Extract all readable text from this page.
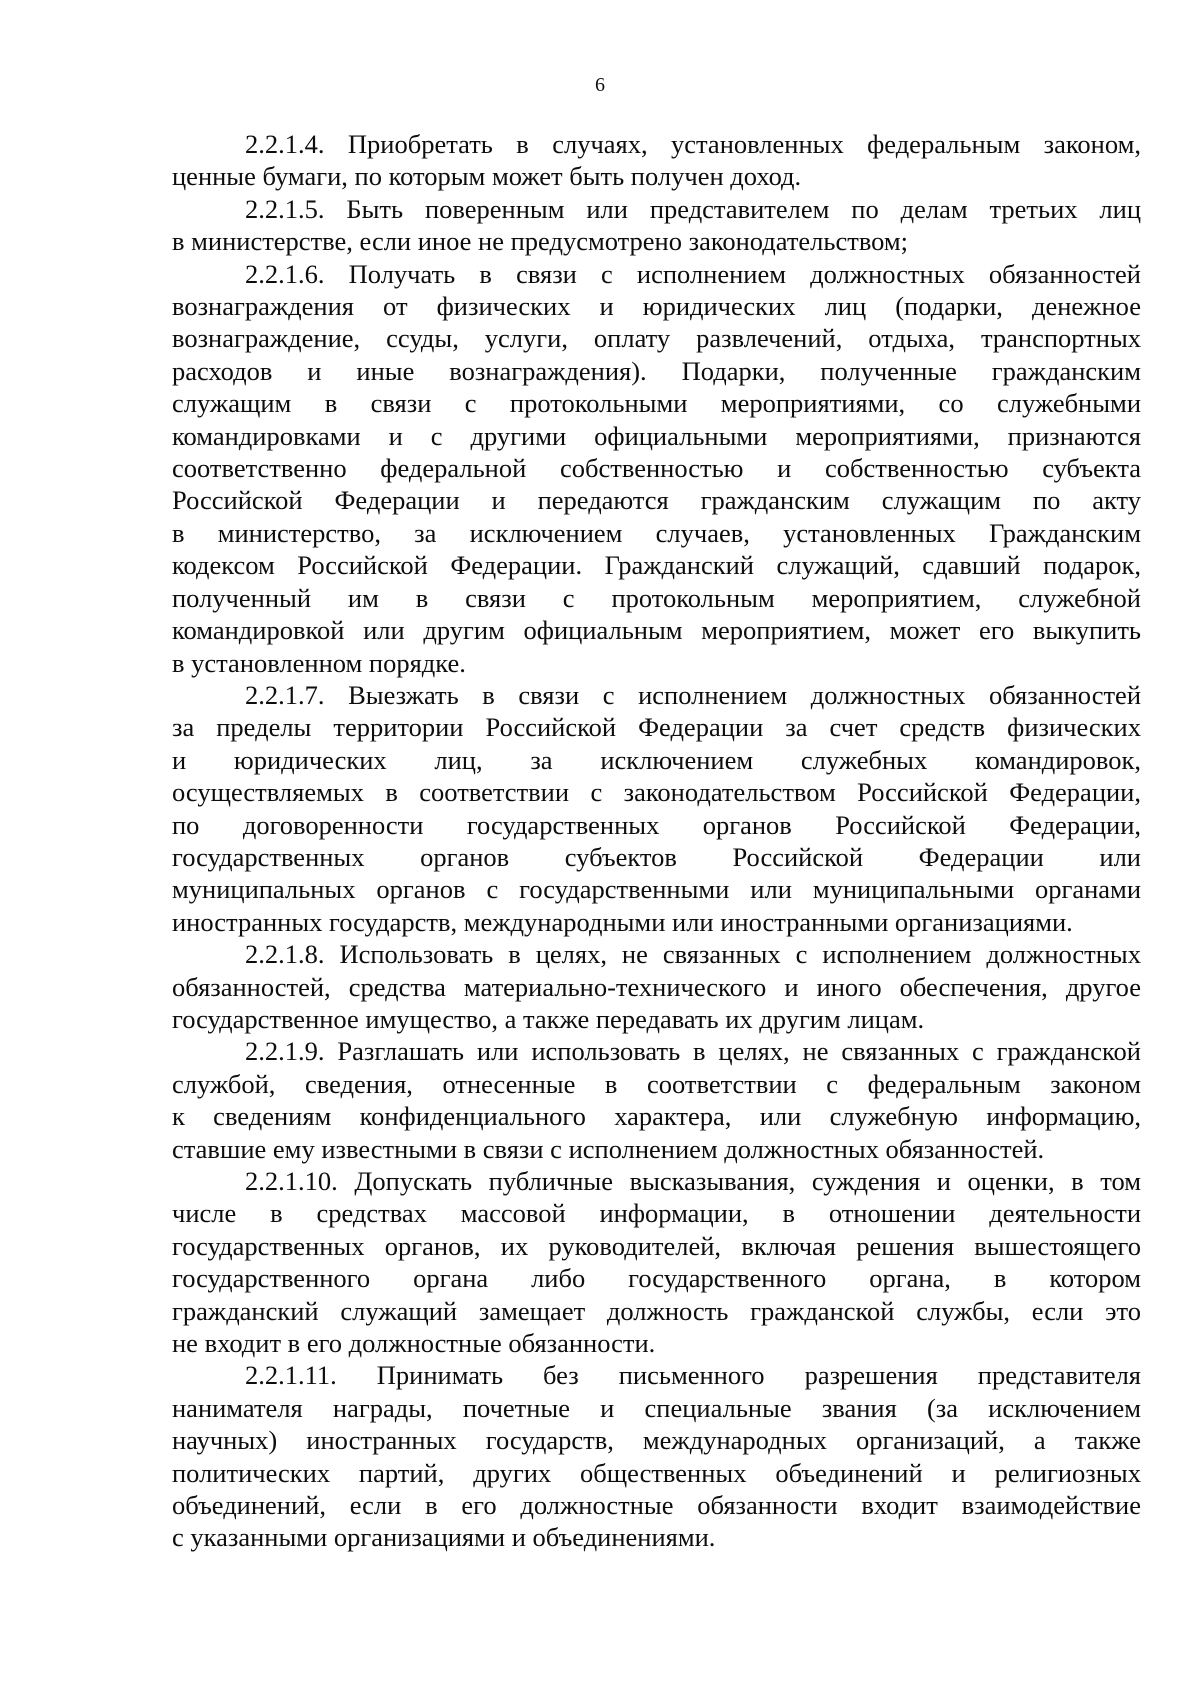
6

2.2.1.4. Приобретать в случаях, установленных федеральным законом,
ценные бумаги, по которым может быть получен доход.

2.2.1.5. Быть поверенным или представителем по делам третьих лиц
в министерстве, если иное не предусмотрено законодательством;

2.2.1.6. Получать в связи с исполнением должностных обязанностей
вознаграждения от физических и юридических лиц (подарки, денежное
вознаграждение, ссуды, услуги, оплату развлечений, отдыха, транспортных
расходов и иные вознаграждения). Подарки, полученные гражданским
служащим в связи с протокольными мероприятиями, со служебными
командировками и с другими официальными мероприятиями, признаются
соответственно федеральной собственностью и собственностью субъекта
Российской Федерации и передаются гражданским служащим по акту
в министерство, за исключением случаев, установленных Гражданским
кодексом Российской Федерации. Гражданский служащий, сдавший подарок,
полученный им в связи с протокольным мероприятием, служебной
командировкой или другим официальным мероприятием, может его выкупить
в установленном порядке.

2.2.1.7. Выезжать в связи с исполнением должностных обязанностей
за пределы территории Российской Федерации за счет средств физических
и юридических лиц, за исключением служебных командировок,
осуществляемых в соответствии с законодательством Российской Федерации,
по договоренности государственных органов Российской Федерации,
государственных органов субъектов Российской Федерации или
муниципальных органов с государственными или муниципальными органами
иностранных государств, международными или иностранными организациями.

2.2.1.8. Использовать в целях, не связанных с исполнением должностных
обязанностей, средства материально-технического и иного обеспечения, другое
государственное имущество, а также передавать их другим лицам.

2.2.1.9. Разглашать или использовать в целях, не связанных с гражданской
службой, сведения, отнесенные в соответствии с федеральным законом
к сведениям конфиденциального характера, или служебную информацию,
ставшие ему известными в связи с исполнением должностных обязанностей.

2.2.1.10. Допускать публичные высказывания, суждения и оценки, в том
числе в средствах массовой информации, в отношении деятельности
государственных органов, их руководителей, включая решения вышестоящего
государственного органа либо государственного органа, в котором
гражданский служащий замещает должность гражданской службы, если это
не входит в его должностные обязанности.

2.2.1.11. Принимать без письменного разрешения представителя
нанимателя награды, почетные и специальные звания (за исключением
научных) иностранных государств, международных организаций, а также
политических партий, других общественных объединений и религиозных
объединений, если в его должностные обязанности входит взаимодействие
с указанными организациями и объединениями.
